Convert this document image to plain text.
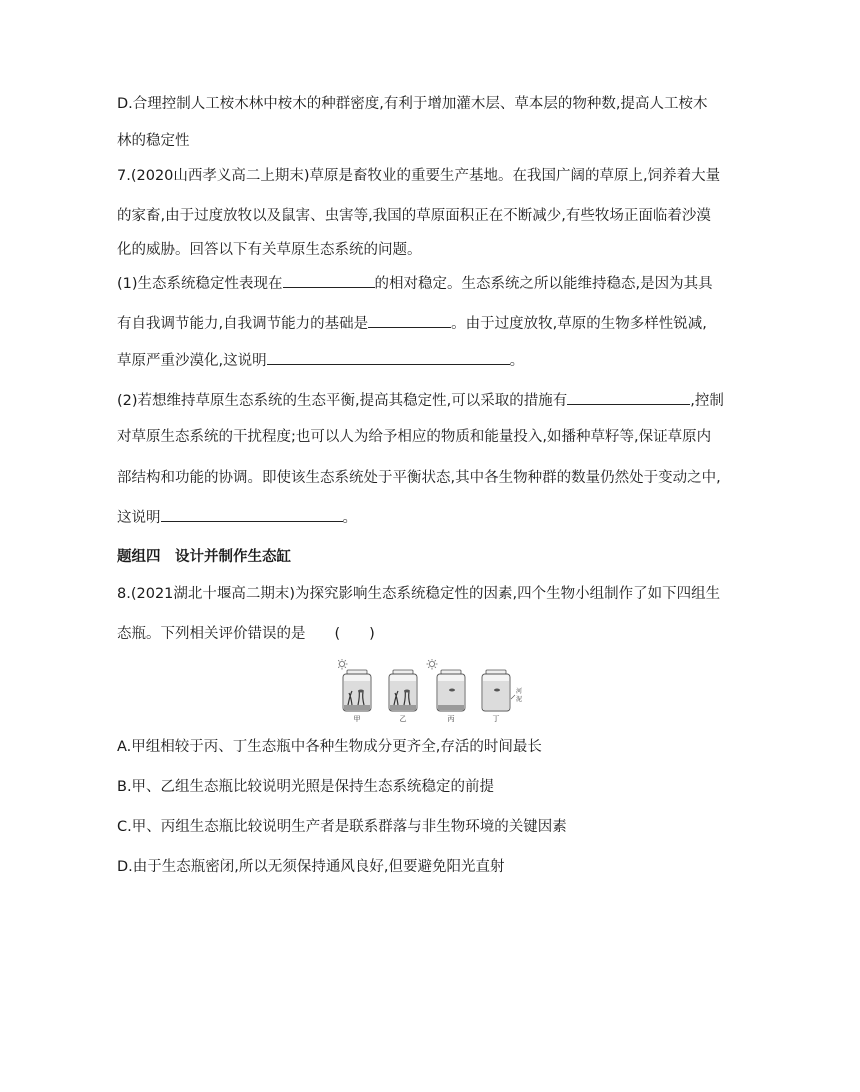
D.合理控制人工桉木林中桉木的种群密度,有利于增加灌木层、草本层的物种数,提高人工桉木
林的稳定性
7.(2020山西孝义高二上期末)草原是畜牧业的重要生产基地。在我国广阔的草原上,饲养着大量
的家畜,由于过度放牧以及鼠害、虫害等,我国的草原面积正在不断减少,有些牧场正面临着沙漠
化的威胁。回答以下有关草原生态系统的问题。
(1)生态系统稳定性表现在	的相对稳定。生态系统之所以能维持稳态,是因为其具
有自我调节能力,自我调节能力的基础是	。由于过度放牧,草原的生物多样性锐减,
草原严重沙漠化,这说明	。
(2)若想维持草原生态系统的生态平衡,提高其稳定性,可以采取的措施有	,控制
对草原生态系统的干扰程度;也可以人为给予相应的物质和能量投入,如播种草籽等,保证草原内
部结构和功能的协调。即使该生态系统处于平衡状态,其中各生物种群的数量仍然处于变动之中,
这说明	。
题组四　设计并制作生态缸
8.(2021湖北十堰高二期末)为探究影响生态系统稳定性的因素,四个生物小组制作了如下四组生
态瓶。下列相关评价错误的是　　(　　)
河
泥
甲	乙	丙	丁
A.甲组相较于丙、丁生态瓶中各种生物成分更齐全,存活的时间最长
B.甲、乙组生态瓶比较说明光照是保持生态系统稳定的前提
C.甲、丙组生态瓶比较说明生产者是联系群落与非生物环境的关键因素
D.由于生态瓶密闭,所以无须保持通风良好,但要避免阳光直射
